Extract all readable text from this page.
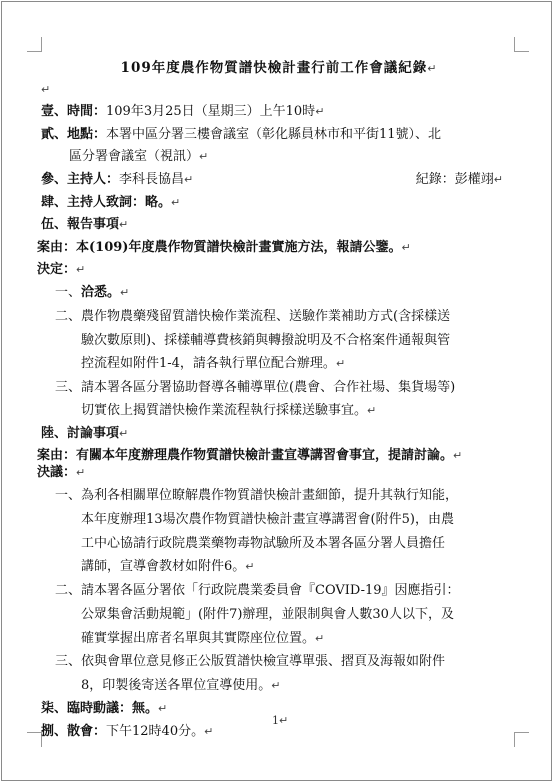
109年度農作物質譜快檢計畫行前工作會議紀錄↵
↵
壹、時間：109年3月25日（星期三）上午10時↵
貳、地點：本署中區分署三樓會議室（彰化縣員林市和平街11號）、北
區分署會議室（視訊）↵
參、主持人：李科長協昌↵	紀錄：彭權翊↵
肆、主持人致詞：略。↵
伍、報告事項↵
案由：本(109)年度農作物質譜快檢計畫實施方法，報請公鑒。↵
決定：↵
一、洽悉。↵
二、農作物農藥殘留質譜快檢作業流程、送驗作業補助方式(含採樣送
驗次數原則)、採樣輔導費核銷與轉撥說明及不合格案件通報與管
控流程如附件1-4，請各執行單位配合辦理。↵
三、請本署各區分署協助督導各輔導單位(農會、合作社場、集貨場等)
切實依上揭質譜快檢作業流程執行採樣送驗事宜。↵
陸、討論事項↵
案由：有關本年度辦理農作物質譜快檢計畫宣導講習會事宜，提請討論。↵
決議：↵
一、為利各相關單位瞭解農作物質譜快檢計畫細節，提升其執行知能，
本年度辦理13場次農作物質譜快檢計畫宣導講習會(附件5)，由農
工中心協請行政院農業藥物毒物試驗所及本署各區分署人員擔任
講師，宣導會教材如附件6。↵
二、請本署各區分署依「行政院農業委員會『COVID-19』因應指引：
公眾集會活動規範」(附件7)辦理，並限制與會人數30人以下，及
確實掌握出席者名單與其實際座位位置。↵
三、依與會單位意見修正公版質譜快檢宣導單張、摺頁及海報如附件
8，印製後寄送各單位宣導使用。↵
柒、臨時動議：無。↵
捌、散會：下午12時40分。↵
1↵
